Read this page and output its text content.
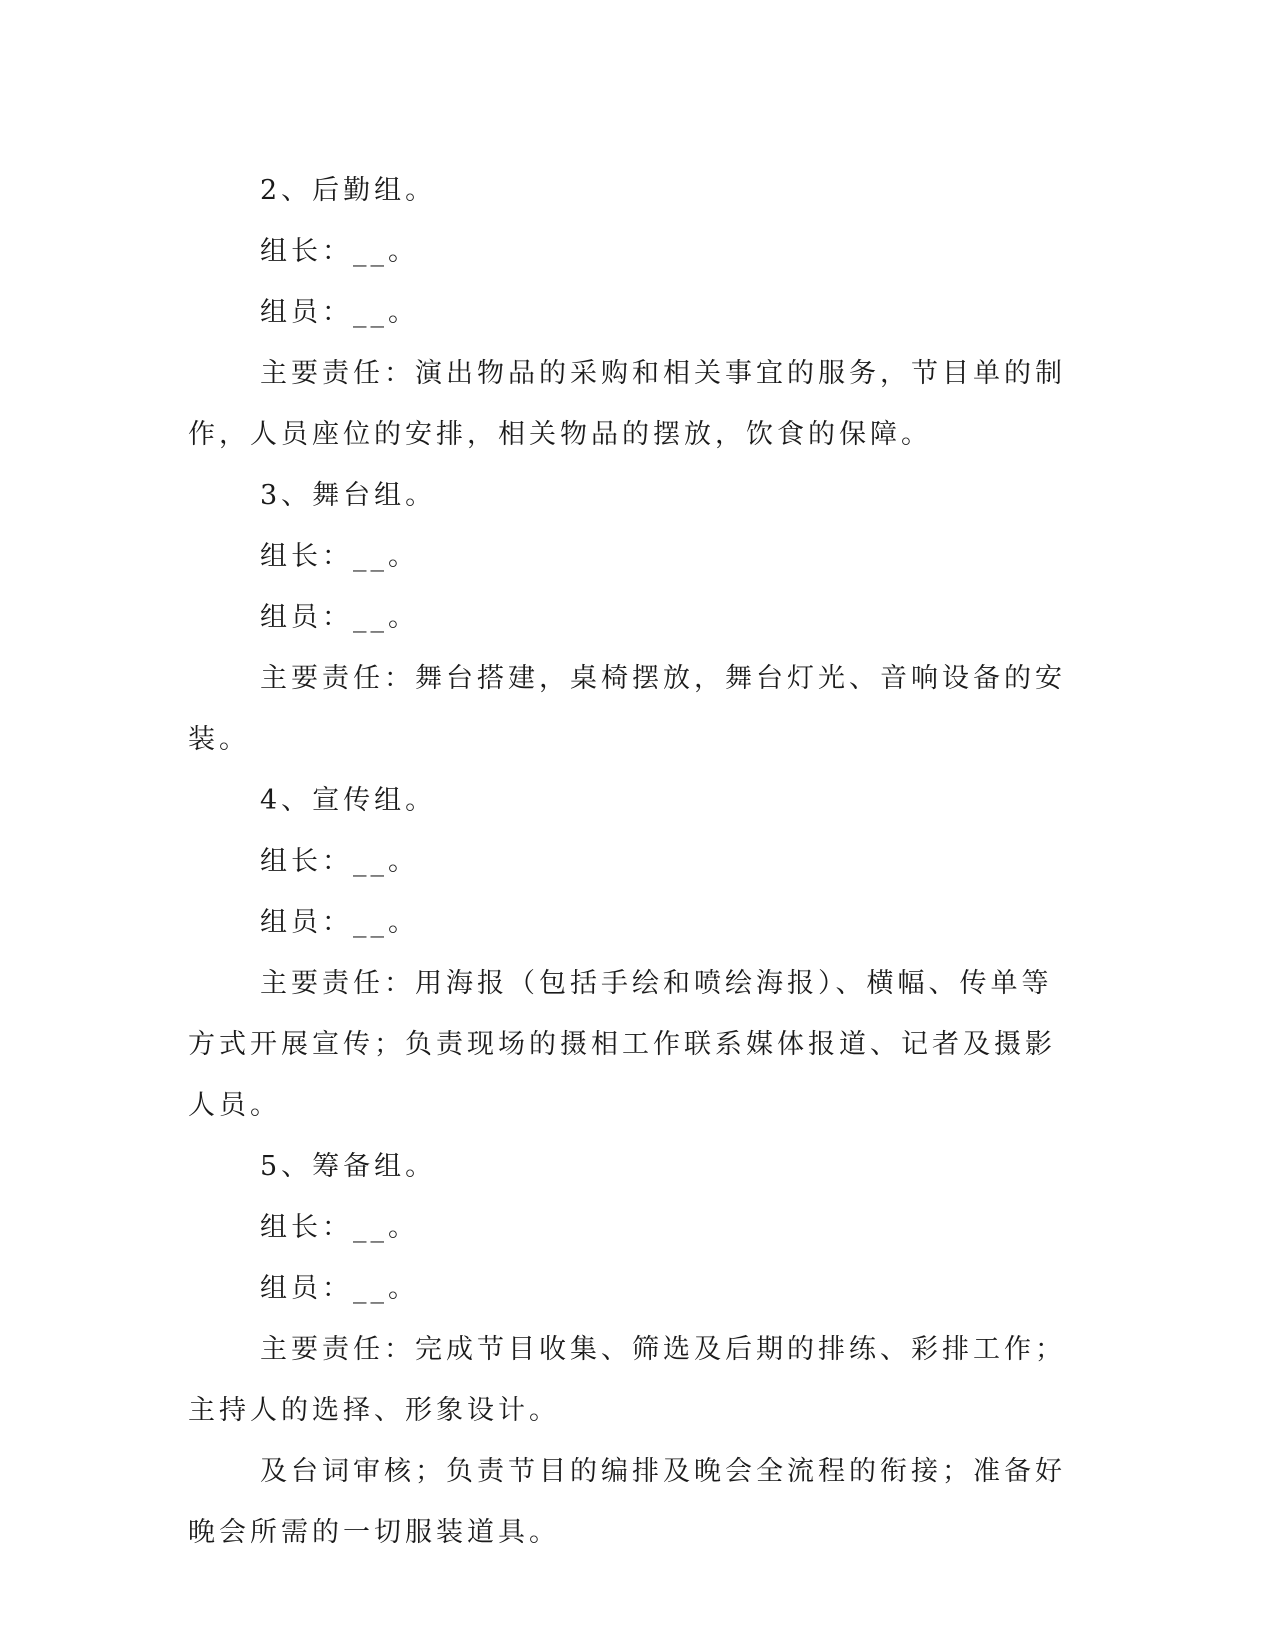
2、后勤组。

组长：__。

组员：__。

主要责任：演出物品的采购和相关事宜的服务，节目单的制作，人员座位的安排，相关物品的摆放，饮食的保障。

3、舞台组。

组长：__。

组员：__。

主要责任：舞台搭建，桌椅摆放，舞台灯光、音响设备的安装。

4、宣传组。

组长：__。

组员：__。

主要责任：用海报（包括手绘和喷绘海报）、横幅、传单等方式开展宣传；负责现场的摄相工作联系媒体报道、记者及摄影人员。

5、筹备组。

组长：__。

组员：__。

主要责任：完成节目收集、筛选及后期的排练、彩排工作；主持人的选择、形象设计。

及台词审核；负责节目的编排及晚会全流程的衔接；准备好晚会所需的一切服装道具。
